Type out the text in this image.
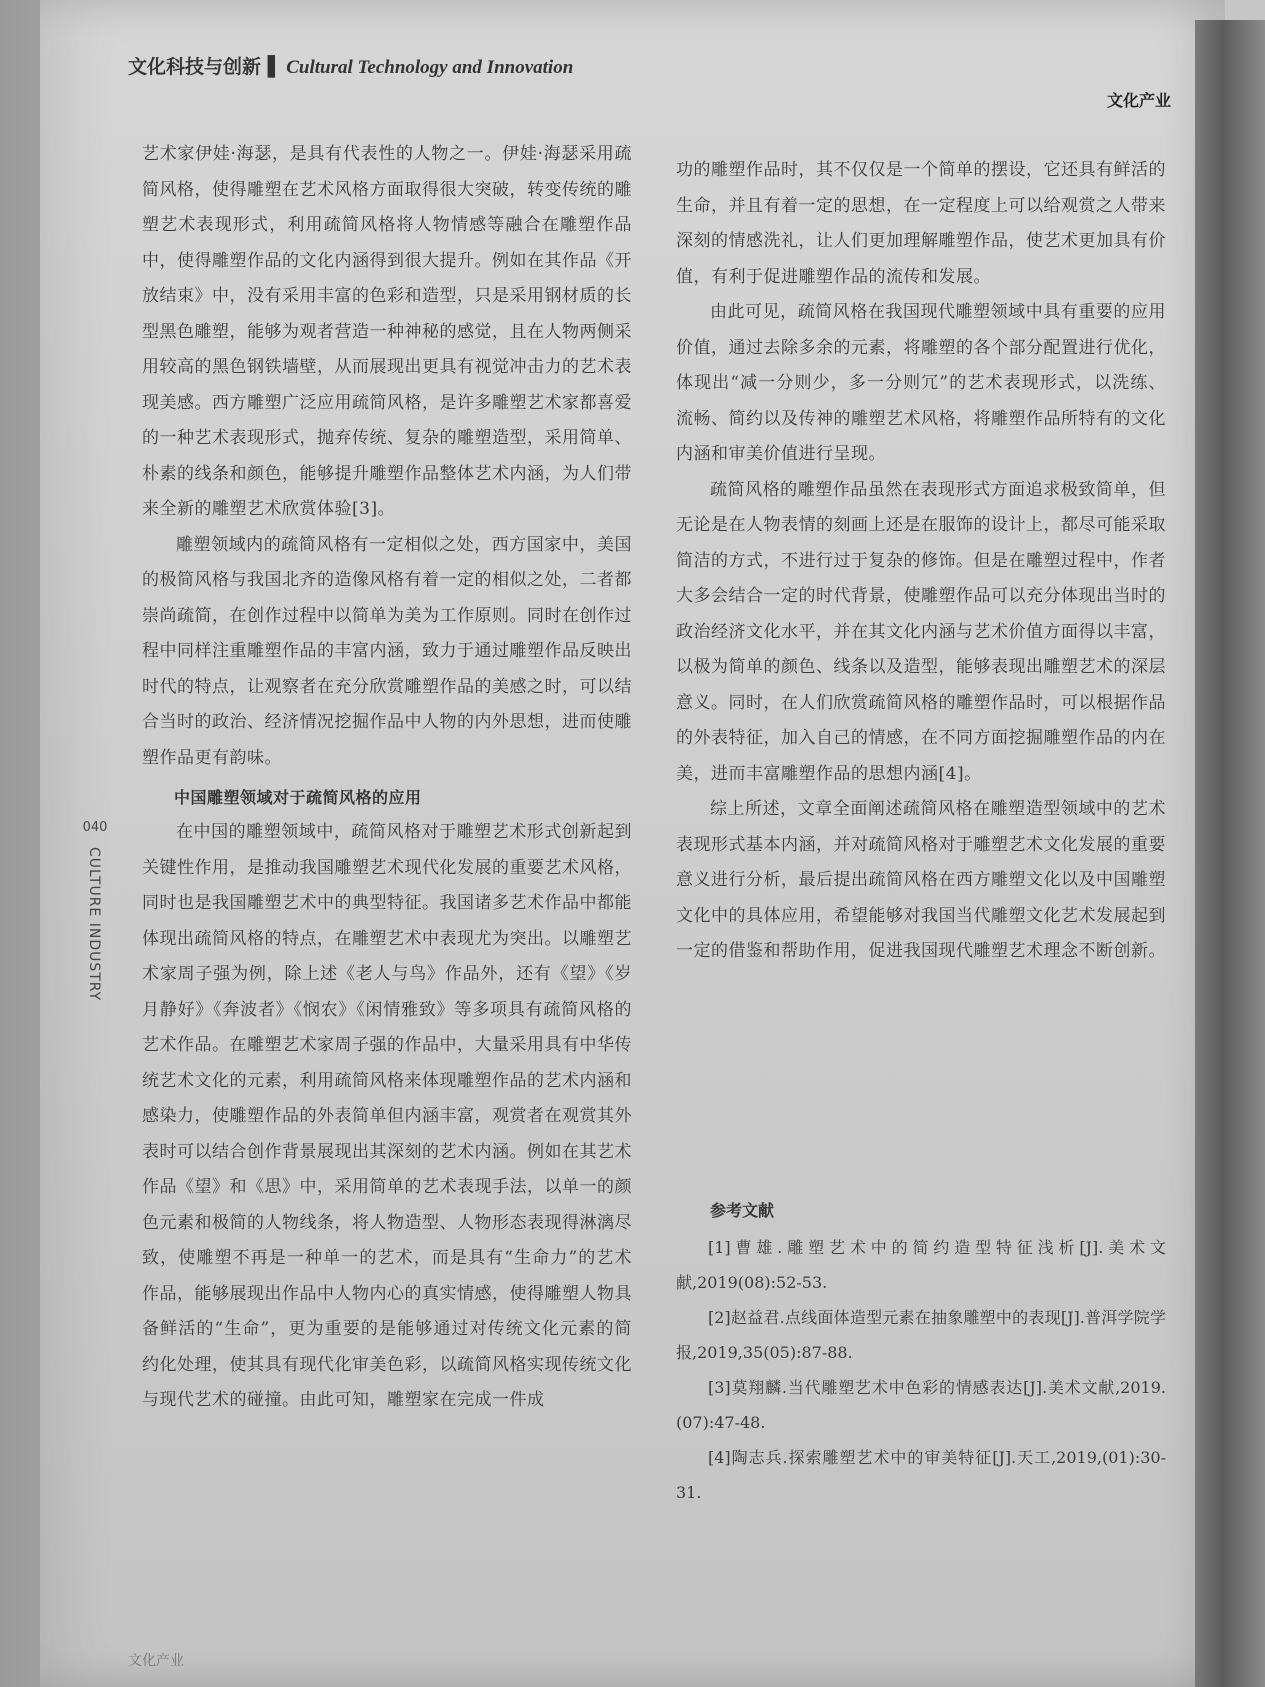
文化科技与创新 ▌ Cultural Technology and Innovation
文化产业
040
CULTURE INDUSTRY

艺术家伊娃·海瑟，是具有代表性的人物之一。伊娃·海瑟采用疏简风格，使得雕塑在艺术风格方面取得很大突破，转变传统的雕塑艺术表现形式，利用疏简风格将人物情感等融合在雕塑作品中，使得雕塑作品的文化内涵得到很大提升。例如在其作品《开放结束》中，没有采用丰富的色彩和造型，只是采用钢材质的长型黑色雕塑，能够为观者营造一种神秘的感觉，且在人物两侧采用较高的黑色钢铁墙壁，从而展现出更具有视觉冲击力的艺术表现美感。西方雕塑广泛应用疏简风格，是许多雕塑艺术家都喜爱的一种艺术表现形式，抛弃传统、复杂的雕塑造型，采用简单、朴素的线条和颜色，能够提升雕塑作品整体艺术内涵，为人们带来全新的雕塑艺术欣赏体验[3]。

雕塑领域内的疏简风格有一定相似之处，西方国家中，美国的极简风格与我国北齐的造像风格有着一定的相似之处，二者都崇尚疏简，在创作过程中以简单为美为工作原则。同时在创作过程中同样注重雕塑作品的丰富内涵，致力于通过雕塑作品反映出时代的特点，让观察者在充分欣赏雕塑作品的美感之时，可以结合当时的政治、经济情况挖掘作品中人物的内外思想，进而使雕塑作品更有韵味。

中国雕塑领域对于疏简风格的应用

在中国的雕塑领域中，疏简风格对于雕塑艺术形式创新起到关键性作用，是推动我国雕塑艺术现代化发展的重要艺术风格，同时也是我国雕塑艺术中的典型特征。我国诸多艺术作品中都能体现出疏简风格的特点，在雕塑艺术中表现尤为突出。以雕塑艺术家周子强为例，除上述《老人与鸟》作品外，还有《望》《岁月静好》《奔波者》《悯农》《闲情雅致》等多项具有疏简风格的艺术作品。在雕塑艺术家周子强的作品中，大量采用具有中华传统艺术文化的元素，利用疏简风格来体现雕塑作品的艺术内涵和感染力，使雕塑作品的外表简单但内涵丰富，观赏者在观赏其外表时可以结合创作背景展现出其深刻的艺术内涵。例如在其艺术作品《望》和《思》中，采用简单的艺术表现手法，以单一的颜色元素和极简的人物线条，将人物造型、人物形态表现得淋漓尽致，使雕塑不再是一种单一的艺术，而是具有“生命力”的艺术作品，能够展现出作品中人物内心的真实情感，使得雕塑人物具备鲜活的“生命”，更为重要的是能够通过对传统文化元素的简约化处理，使其具有现代化审美色彩，以疏简风格实现传统文化与现代艺术的碰撞。由此可知，雕塑家在完成一件成

功的雕塑作品时，其不仅仅是一个简单的摆设，它还具有鲜活的生命，并且有着一定的思想，在一定程度上可以给观赏之人带来深刻的情感洗礼，让人们更加理解雕塑作品，使艺术更加具有价值，有利于促进雕塑作品的流传和发展。

由此可见，疏简风格在我国现代雕塑领域中具有重要的应用价值，通过去除多余的元素，将雕塑的各个部分配置进行优化，体现出“减一分则少，多一分则冗”的艺术表现形式，以洗练、流畅、简约以及传神的雕塑艺术风格，将雕塑作品所特有的文化内涵和审美价值进行呈现。

疏简风格的雕塑作品虽然在表现形式方面追求极致简单，但无论是在人物表情的刻画上还是在服饰的设计上，都尽可能采取简洁的方式，不进行过于复杂的修饰。但是在雕塑过程中，作者大多会结合一定的时代背景，使雕塑作品可以充分体现出当时的政治经济文化水平，并在其文化内涵与艺术价值方面得以丰富，以极为简单的颜色、线条以及造型，能够表现出雕塑艺术的深层意义。同时，在人们欣赏疏简风格的雕塑作品时，可以根据作品的外表特征，加入自己的情感，在不同方面挖掘雕塑作品的内在美，进而丰富雕塑作品的思想内涵[4]。

综上所述，文章全面阐述疏简风格在雕塑造型领域中的艺术表现形式基本内涵，并对疏简风格对于雕塑艺术文化发展的重要意义进行分析，最后提出疏简风格在西方雕塑文化以及中国雕塑文化中的具体应用，希望能够对我国当代雕塑文化艺术发展起到一定的借鉴和帮助作用，促进我国现代雕塑艺术理念不断创新。

参考文献

[1]曹雄.雕塑艺术中的简约造型特征浅析[J].美术文献,2019(08):52-53.

[2]赵益君.点线面体造型元素在抽象雕塑中的表现[J].普洱学院学报,2019,35(05):87-88.

[3]莫翔麟.当代雕塑艺术中色彩的情感表达[J].美术文献,2019.(07):47-48.

[4]陶志兵.探索雕塑艺术中的审美特征[J].天工,2019,(01):30-31.

文化产业
